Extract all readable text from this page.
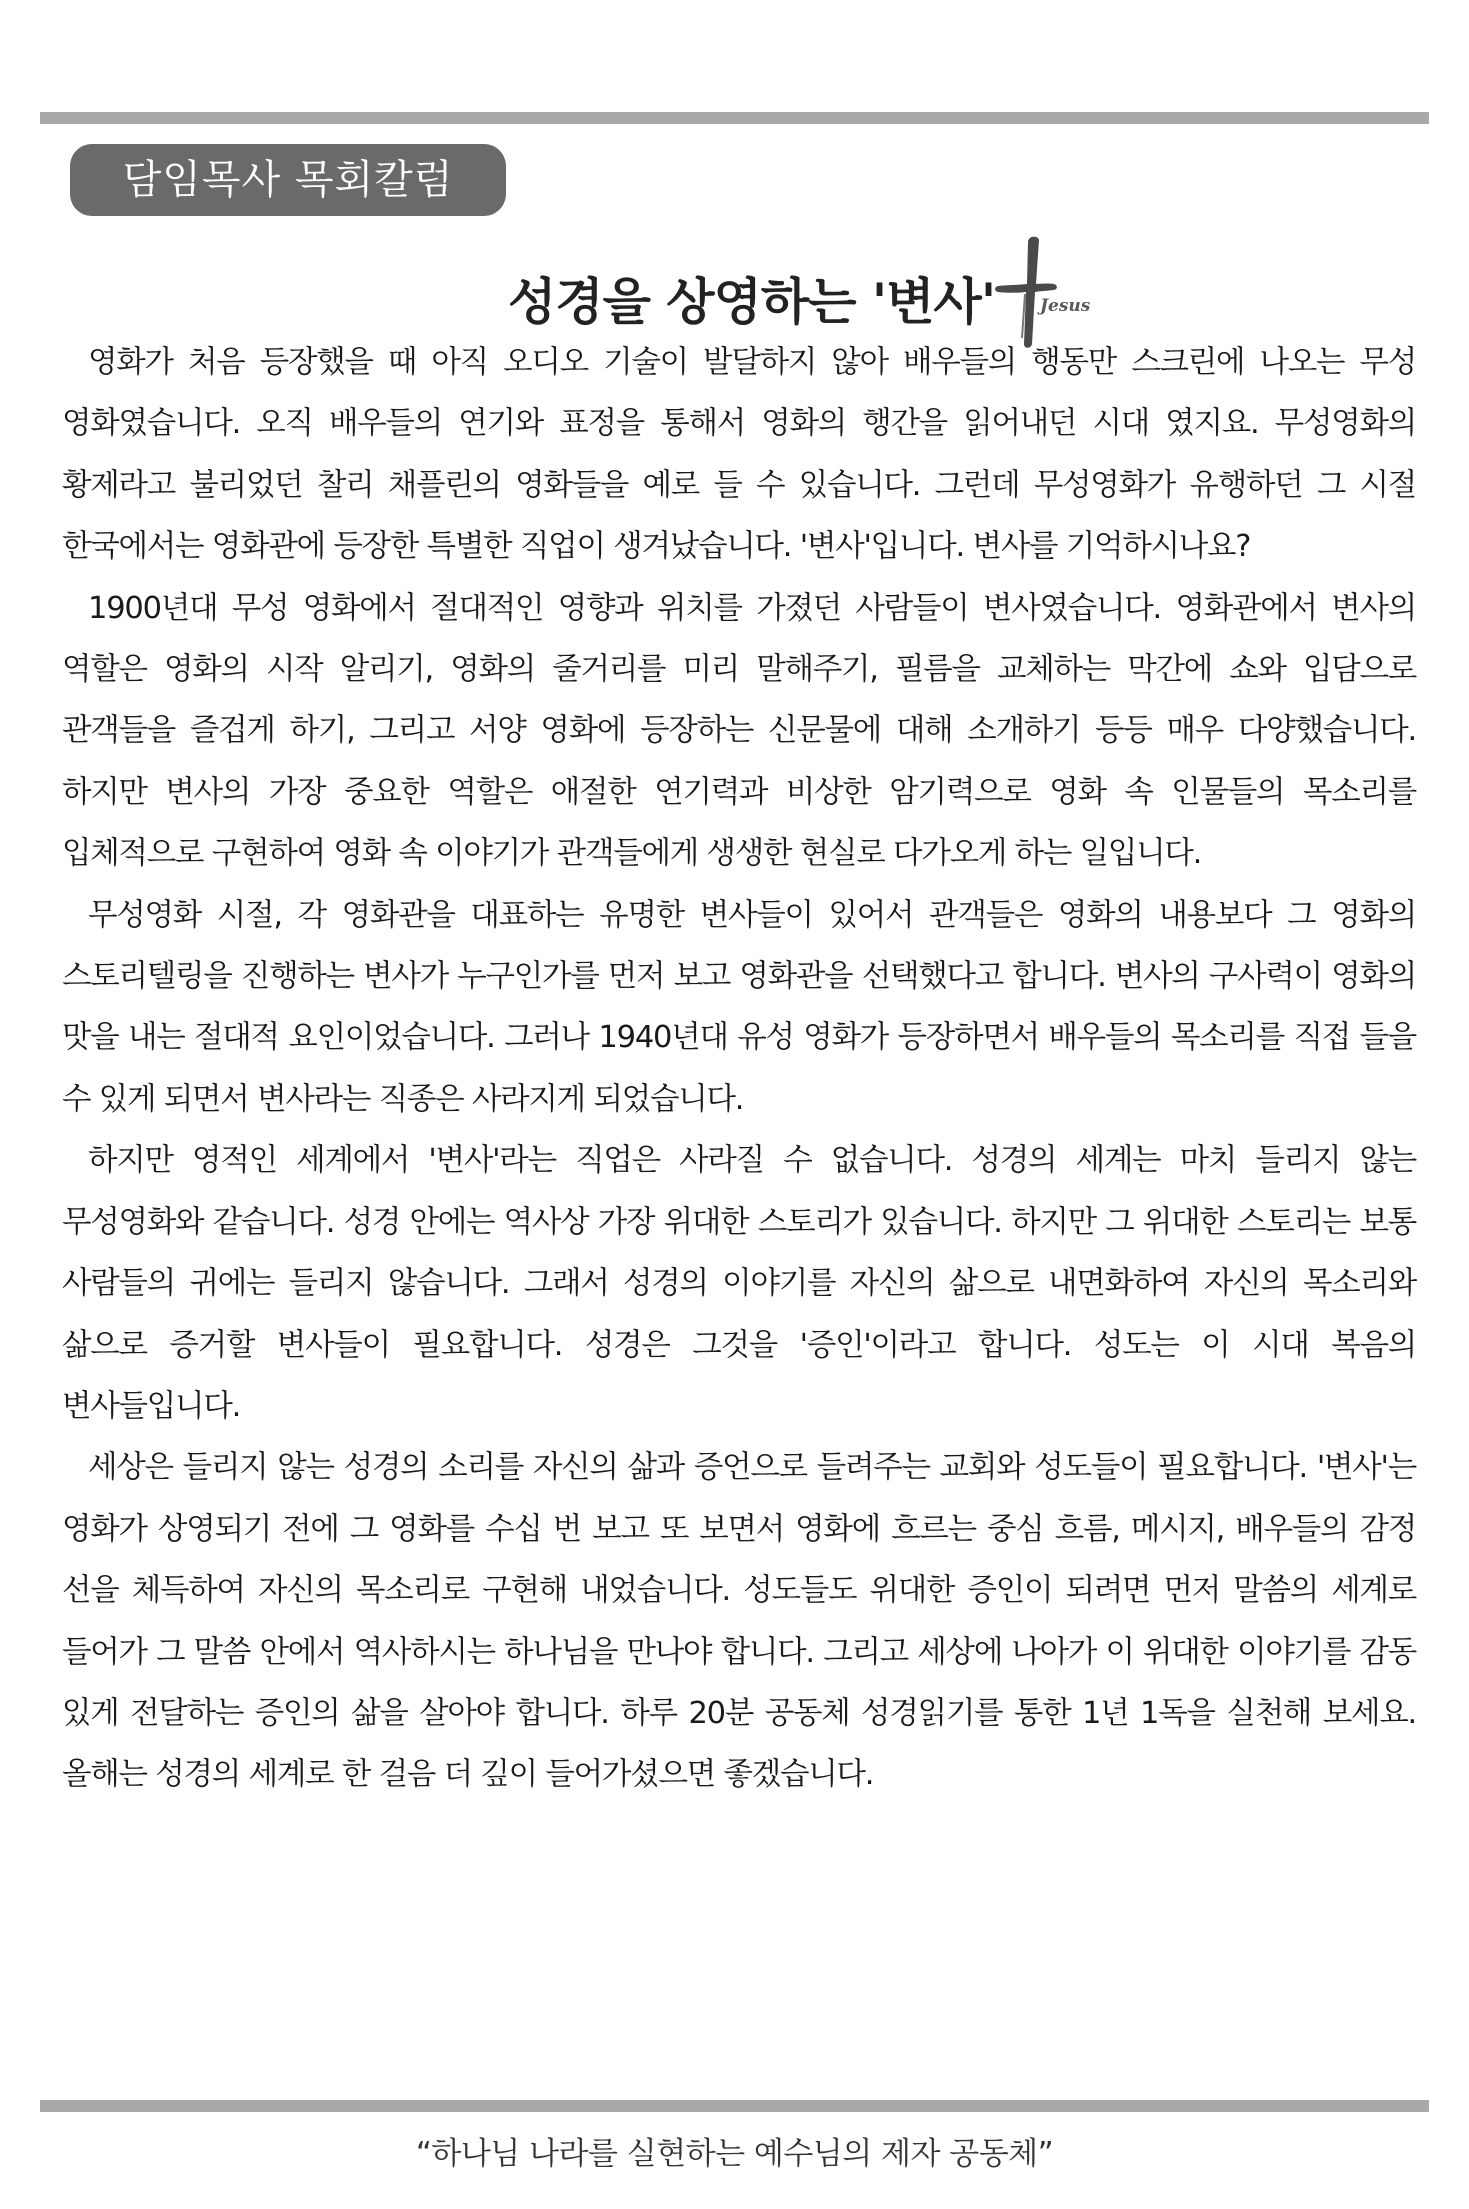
담임목사 목회칼럼
성경을 상영하는 '변사'	Jesus

영화가 처음 등장했을 때 아직 오디오 기술이 발달하지 않아 배우들의 행동만 스크린에 나오는 무성 영화였습니다. 오직 배우들의 연기와 표정을 통해서 영화의 행간을 읽어내던 시대 였지요. 무성영화의 황제라고 불리었던 찰리 채플린의 영화들을 예로 들 수 있습니다. 그런데 무성영화가 유행하던 그 시절 한국에서는 영화관에 등장한 특별한 직업이 생겨났습니다. '변사'입니다. 변사를 기억하시나요?

1900년대 무성 영화에서 절대적인 영향과 위치를 가졌던 사람들이 변사였습니다. 영화관에서 변사의 역할은 영화의 시작 알리기, 영화의 줄거리를 미리 말해주기, 필름을 교체하는 막간에 쇼와 입담으로 관객들을 즐겁게 하기, 그리고 서양 영화에 등장하는 신문물에 대해 소개하기 등등 매우 다양했습니다. 하지만 변사의 가장 중요한 역할은 애절한 연기력과 비상한 암기력으로 영화 속 인물들의 목소리를 입체적으로 구현하여 영화 속 이야기가 관객들에게 생생한 현실로 다가오게 하는 일입니다.

무성영화 시절, 각 영화관을 대표하는 유명한 변사들이 있어서 관객들은 영화의 내용보다 그 영화의 스토리텔링을 진행하는 변사가 누구인가를 먼저 보고 영화관을 선택했다고 합니다. 변사의 구사력이 영화의 맛을 내는 절대적 요인이었습니다. 그러나 1940년대 유성 영화가 등장하면서 배우들의 목소리를 직접 들을 수 있게 되면서 변사라는 직종은 사라지게 되었습니다.

하지만 영적인 세계에서 '변사'라는 직업은 사라질 수 없습니다. 성경의 세계는 마치 들리지 않는 무성영화와 같습니다. 성경 안에는 역사상 가장 위대한 스토리가 있습니다. 하지만 그 위대한 스토리는 보통 사람들의 귀에는 들리지 않습니다. 그래서 성경의 이야기를 자신의 삶으로 내면화하여 자신의 목소리와 삶으로 증거할 변사들이 필요합니다. 성경은 그것을 '증인'이라고 합니다. 성도는 이 시대 복음의 변사들입니다.

세상은 들리지 않는 성경의 소리를 자신의 삶과 증언으로 들려주는 교회와 성도들이 필요합니다. '변사'는 영화가 상영되기 전에 그 영화를 수십 번 보고 또 보면서 영화에 흐르는 중심 흐름, 메시지, 배우들의 감정 선을 체득하여 자신의 목소리로 구현해 내었습니다. 성도들도 위대한 증인이 되려면 먼저 말씀의 세계로 들어가 그 말씀 안에서 역사하시는 하나님을 만나야 합니다. 그리고 세상에 나아가 이 위대한 이야기를 감동 있게 전달하는 증인의 삶을 살아야 합니다. 하루 20분 공동체 성경읽기를 통한 1년 1독을 실천해 보세요. 올해는 성경의 세계로 한 걸음 더 깊이 들어가셨으면 좋겠습니다.

“하나님 나라를 실현하는 예수님의 제자 공동체”
